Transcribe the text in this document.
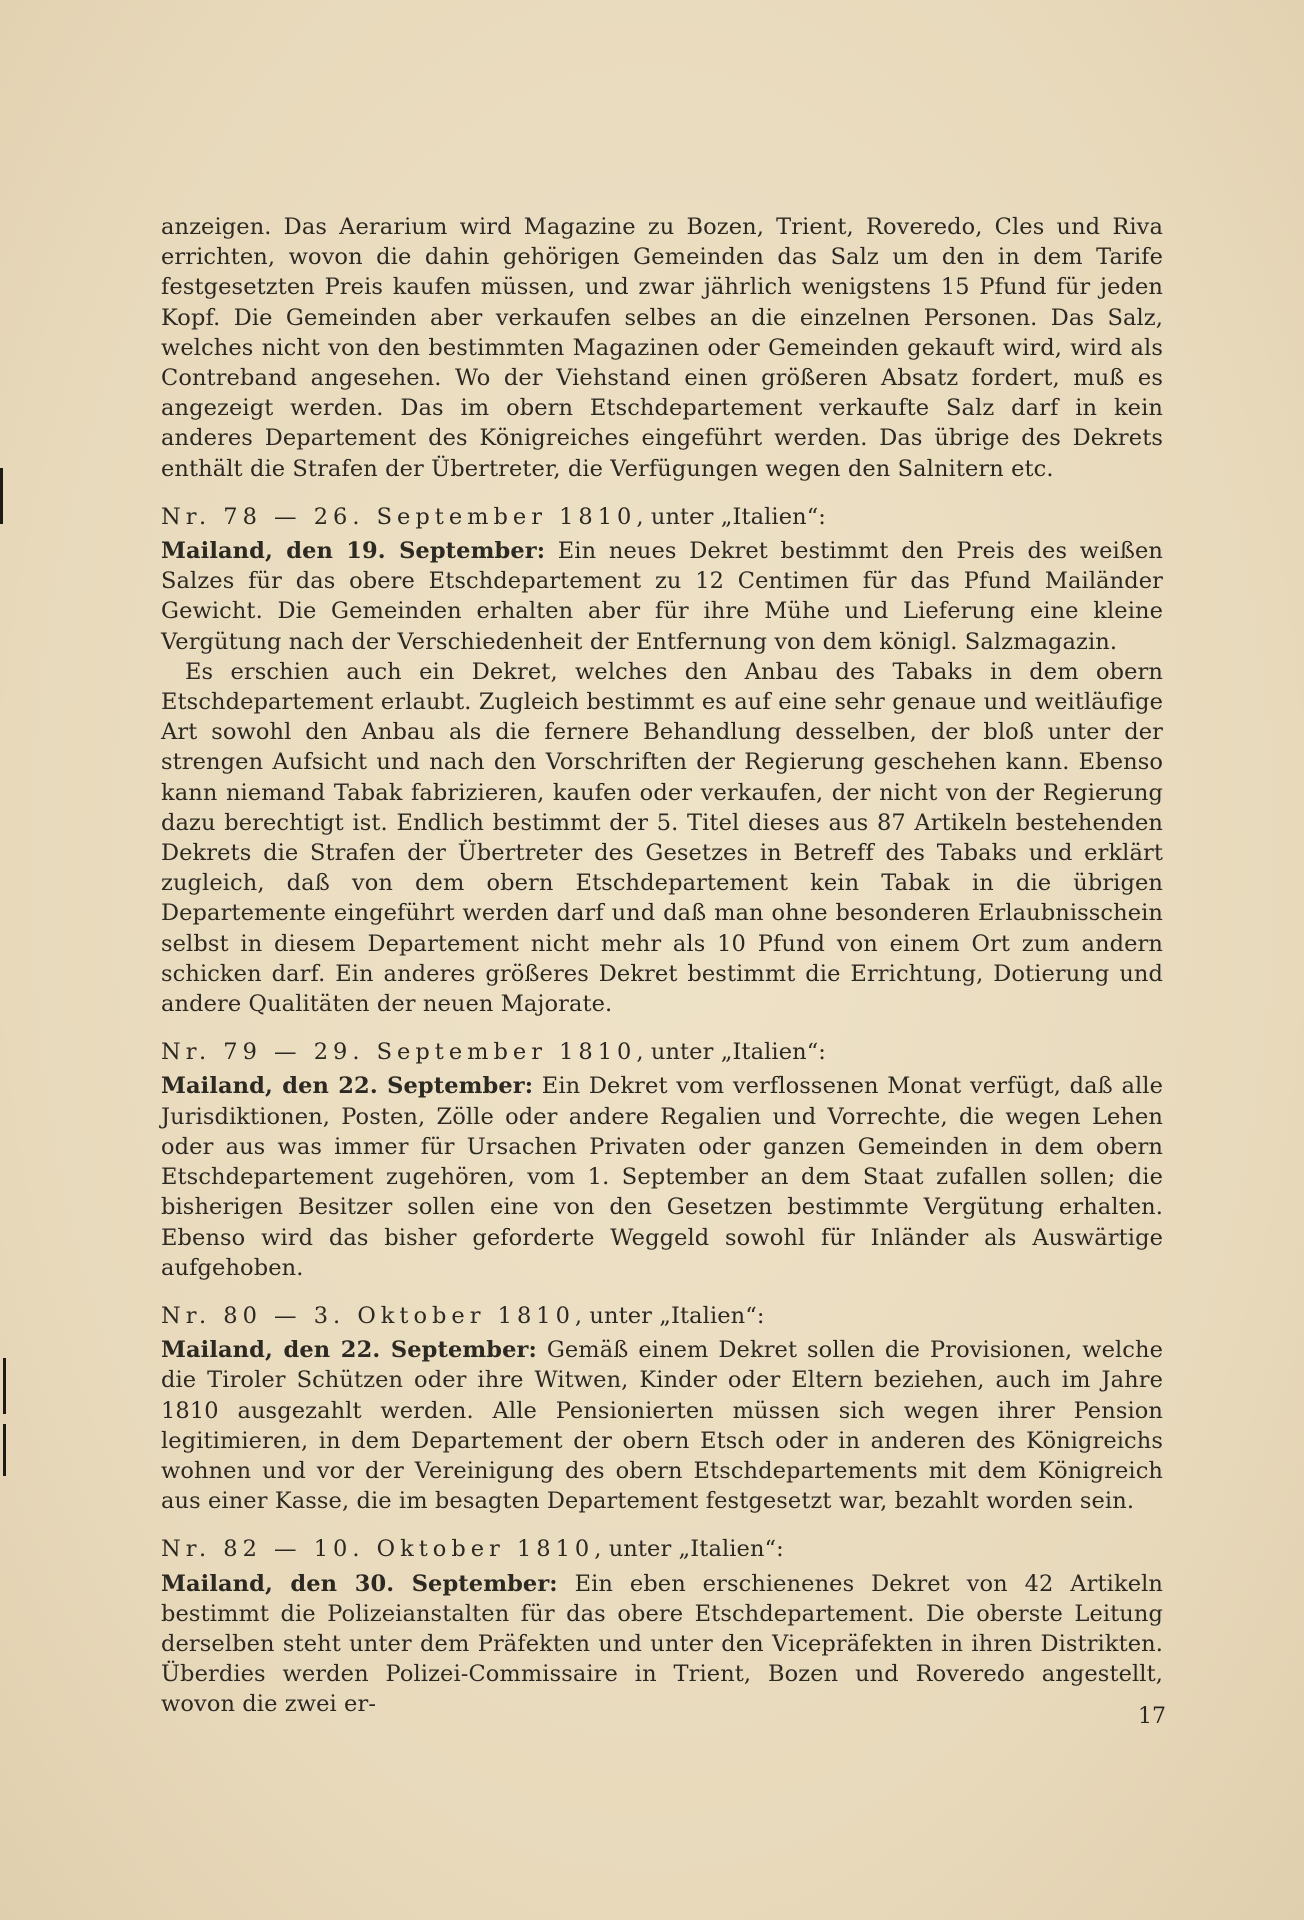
anzeigen. Das Aerarium wird Magazine zu Bozen, Trient, Roveredo, Cles und Riva errichten, wovon die dahin gehörigen Gemeinden das Salz um den in dem Tarife festgesetzten Preis kaufen müssen, und zwar jährlich wenigstens 15 Pfund für jeden Kopf. Die Gemeinden aber verkaufen selbes an die einzelnen Personen. Das Salz, welches nicht von den bestimmten Magazinen oder Gemeinden gekauft wird, wird als Contreband angesehen. Wo der Viehstand einen größeren Absatz fordert, muß es angezeigt werden. Das im obern Etschdepartement verkaufte Salz darf in kein anderes Departement des Königreiches eingeführt werden. Das übrige des Dekrets enthält die Strafen der Übertreter, die Verfügungen wegen den Salnitern etc.

Nr. 78 — 26. September 1810, unter „Italien“:

Mailand, den 19. September: Ein neues Dekret bestimmt den Preis des weißen Salzes für das obere Etschdepartement zu 12 Centimen für das Pfund Mailänder Gewicht. Die Gemeinden erhalten aber für ihre Mühe und Lieferung eine kleine Vergütung nach der Verschiedenheit der Entfernung von dem königl. Salzmagazin.

Es erschien auch ein Dekret, welches den Anbau des Tabaks in dem obern Etschdepartement erlaubt. Zugleich bestimmt es auf eine sehr genaue und weitläufige Art sowohl den Anbau als die fernere Behandlung desselben, der bloß unter der strengen Aufsicht und nach den Vorschriften der Regierung geschehen kann. Ebenso kann niemand Tabak fabrizieren, kaufen oder verkaufen, der nicht von der Regierung dazu berechtigt ist. Endlich bestimmt der 5. Titel dieses aus 87 Artikeln bestehenden Dekrets die Strafen der Übertreter des Gesetzes in Betreff des Tabaks und erklärt zugleich, daß von dem obern Etschdepartement kein Tabak in die übrigen Departemente eingeführt werden darf und daß man ohne besonderen Erlaubnisschein selbst in diesem Departement nicht mehr als 10 Pfund von einem Ort zum andern schicken darf. Ein anderes größeres Dekret bestimmt die Errichtung, Dotierung und andere Qualitäten der neuen Majorate.

Nr. 79 — 29. September 1810, unter „Italien“:

Mailand, den 22. September: Ein Dekret vom verflossenen Monat verfügt, daß alle Jurisdiktionen, Posten, Zölle oder andere Regalien und Vorrechte, die wegen Lehen oder aus was immer für Ursachen Privaten oder ganzen Gemeinden in dem obern Etschdepartement zugehören, vom 1. September an dem Staat zufallen sollen; die bisherigen Besitzer sollen eine von den Gesetzen bestimmte Vergütung erhalten. Ebenso wird das bisher geforderte Weggeld sowohl für Inländer als Auswärtige aufgehoben.

Nr. 80 — 3. Oktober 1810, unter „Italien“:

Mailand, den 22. September: Gemäß einem Dekret sollen die Provisionen, welche die Tiroler Schützen oder ihre Witwen, Kinder oder Eltern beziehen, auch im Jahre 1810 ausgezahlt werden. Alle Pensionierten müssen sich wegen ihrer Pension legitimieren, in dem Departement der obern Etsch oder in anderen des Königreichs wohnen und vor der Vereinigung des obern Etschdepartements mit dem Königreich aus einer Kasse, die im besagten Departement festgesetzt war, bezahlt worden sein.

Nr. 82 — 10. Oktober 1810, unter „Italien“:

Mailand, den 30. September: Ein eben erschienenes Dekret von 42 Artikeln bestimmt die Polizeianstalten für das obere Etschdepartement. Die oberste Leitung derselben steht unter dem Präfekten und unter den Vicepräfekten in ihren Distrikten. Überdies werden Polizei-Commissaire in Trient, Bozen und Roveredo angestellt, wovon die zwei er-	17
